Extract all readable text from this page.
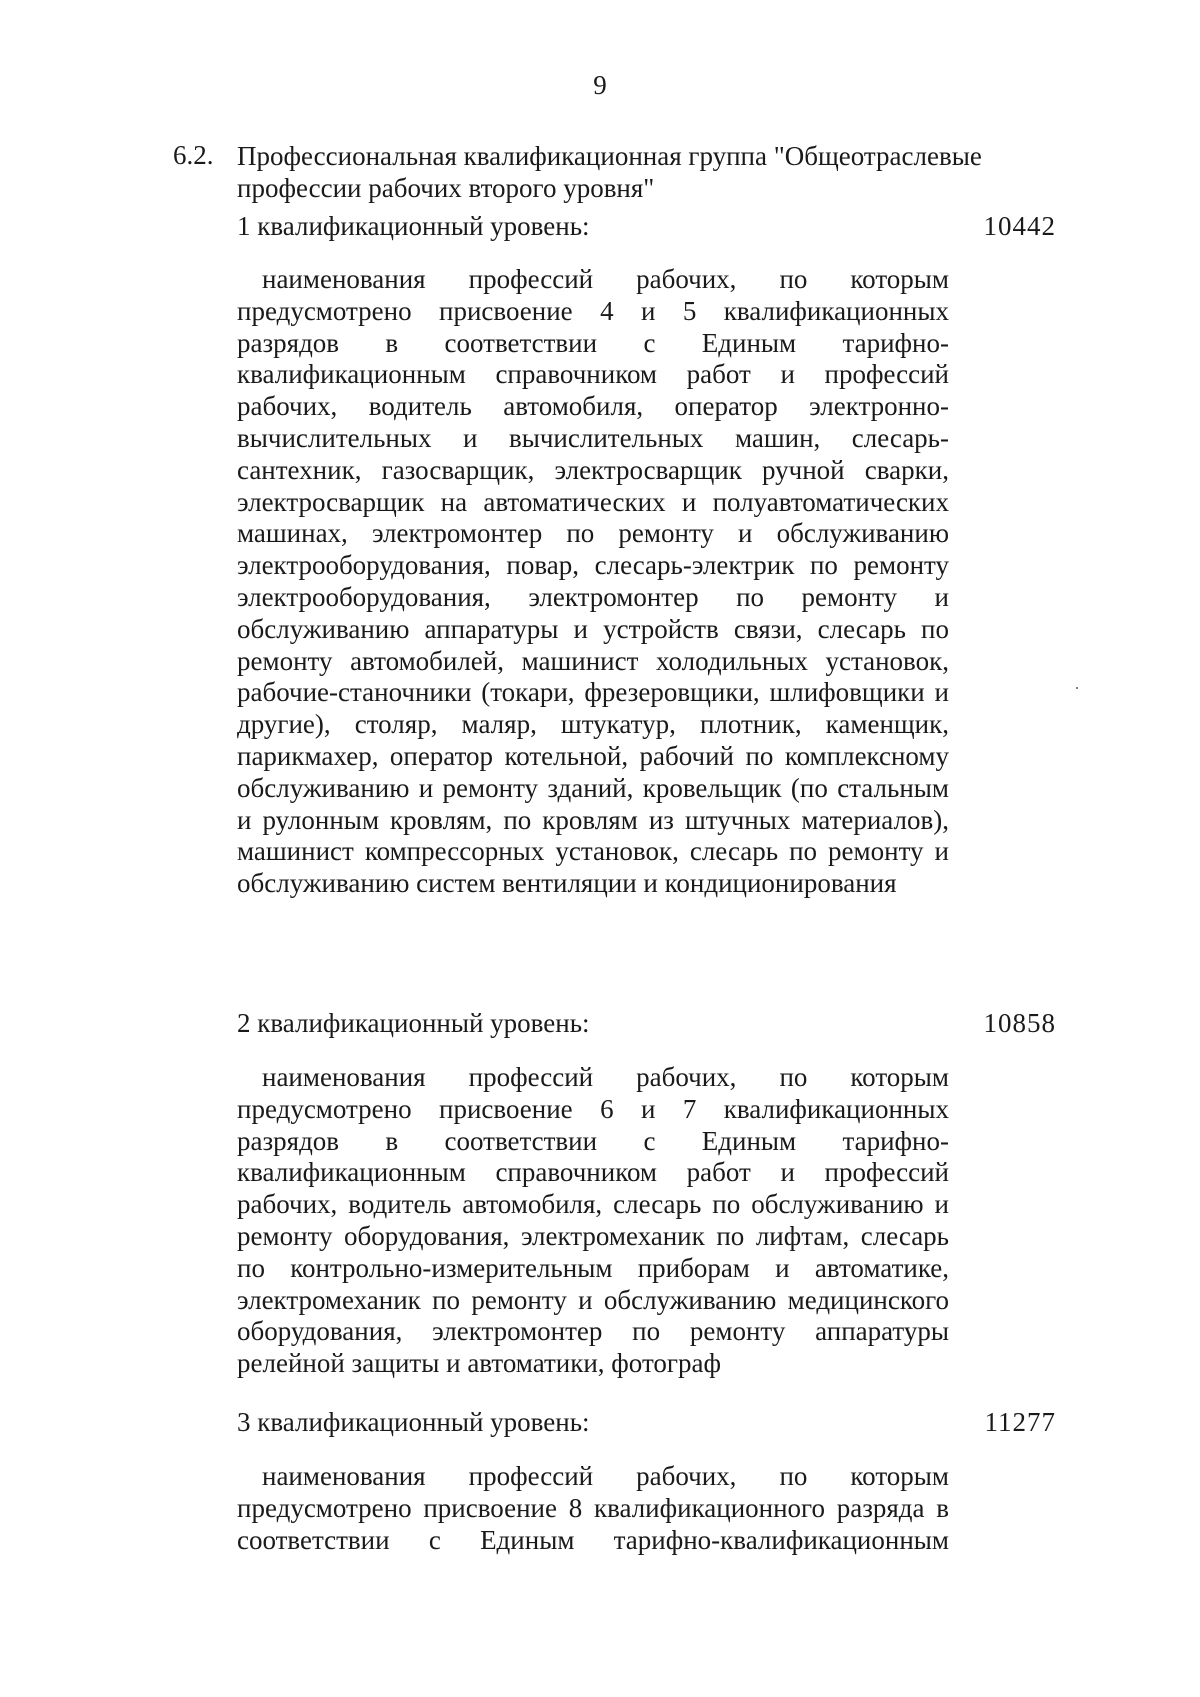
9
6.2. Профессиональная квалификационная группа "Общеотраслевые профессии рабочих второго уровня"
1 квалификационный уровень:	10442
наименования профессий рабочих, по которым предусмотрено присвоение 4 и 5 квалификационных разрядов в соответствии с Единым тарифно-квалификационным справочником работ и профессий рабочих, водитель автомобиля, оператор электронно-вычислительных и вычислительных машин, слесарь-сантехник, газосварщик, электросварщик ручной сварки, электросварщик на автоматических и полуавтоматических машинах, электромонтер по ремонту и обслуживанию электрооборудования, повар, слесарь-электрик по ремонту электрооборудования, электромонтер по ремонту и обслуживанию аппаратуры и устройств связи, слесарь по ремонту автомобилей, машинист холодильных установок, рабочие-станочники (токари, фрезеровщики, шлифовщики и другие), столяр, маляр, штукатур, плотник, каменщик, парикмахер, оператор котельной, рабочий по комплексному обслуживанию и ремонту зданий, кровельщик (по стальным и рулонным кровлям, по кровлям из штучных материалов), машинист компрессорных установок, слесарь по ремонту и обслуживанию систем вентиляции и кондиционирования
2 квалификационный уровень:	10858
наименования профессий рабочих, по которым предусмотрено присвоение 6 и 7 квалификационных разрядов в соответствии с Единым тарифно-квалификационным справочником работ и профессий рабочих, водитель автомобиля, слесарь по обслуживанию и ремонту оборудования, электромеханик по лифтам, слесарь по контрольно-измерительным приборам и автоматике, электромеханик по ремонту и обслуживанию медицинского оборудования, электромонтер по ремонту аппаратуры релейной защиты и автоматики, фотограф
3 квалификационный уровень:	11277
наименования профессий рабочих, по которым предусмотрено присвоение 8 квалификационного разряда в соответствии с Единым тарифно-квалификационным
